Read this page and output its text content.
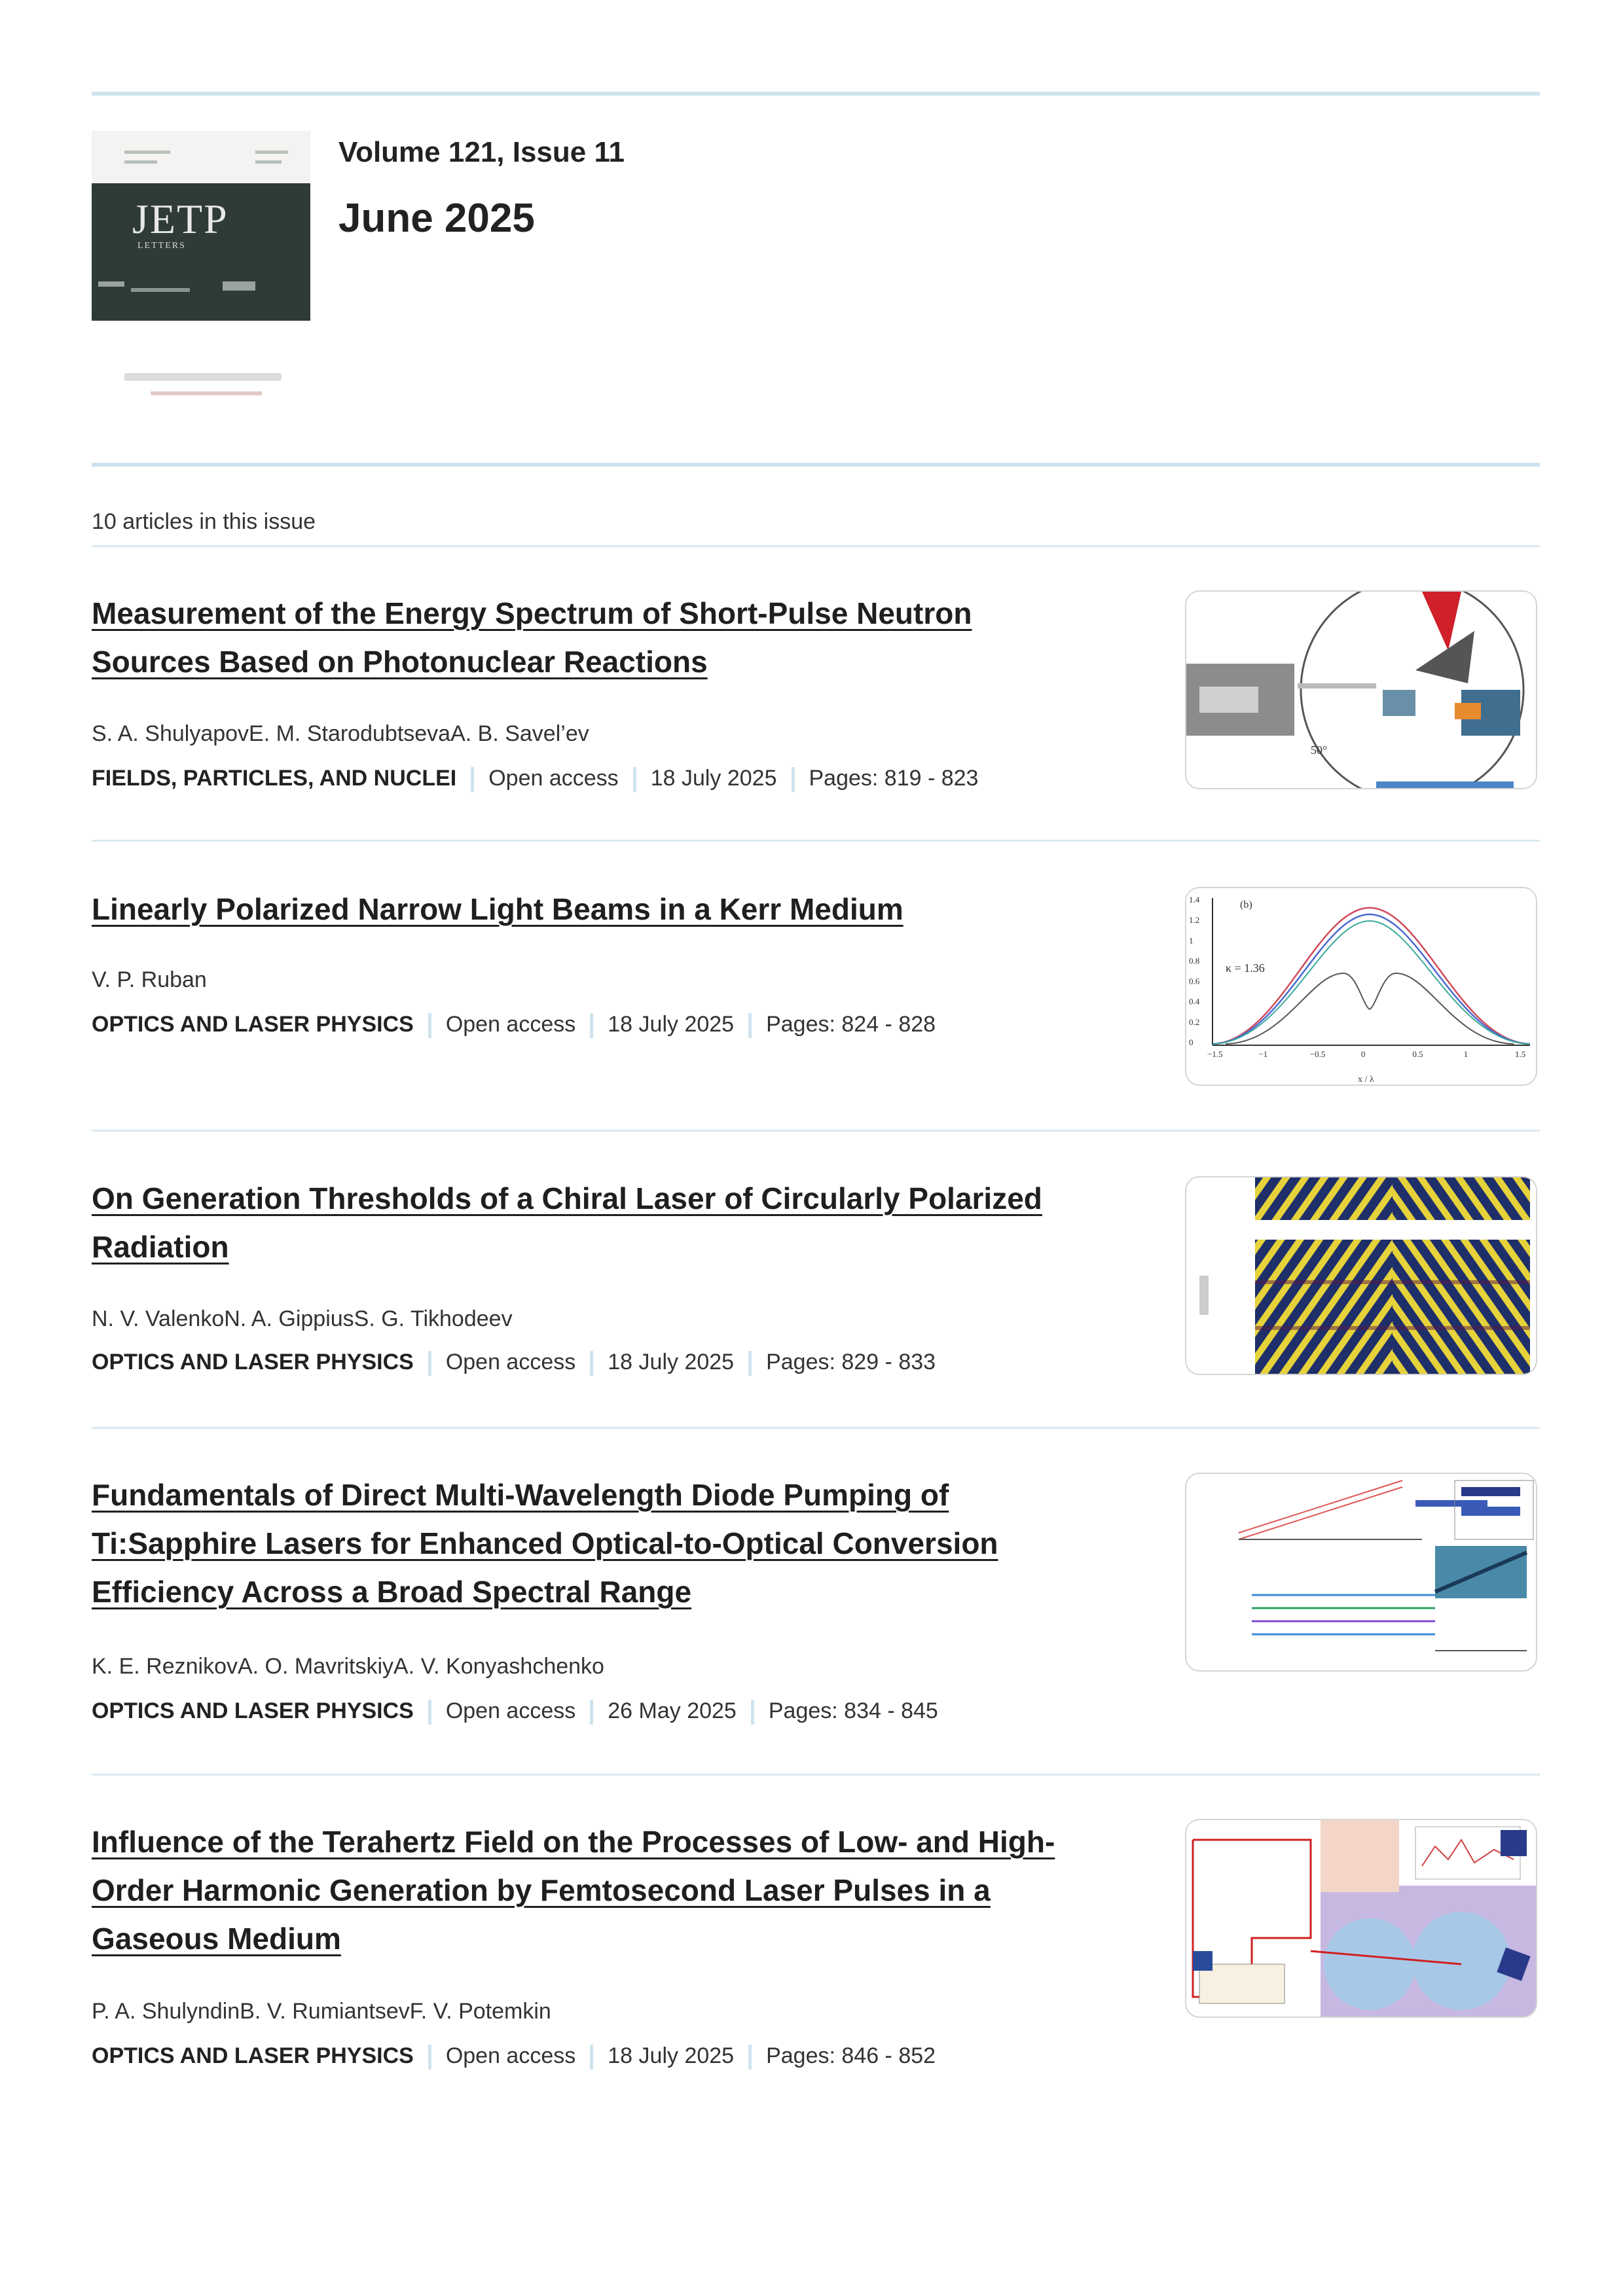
JETP
LETTERS
Volume 121, Issue 11
June 2025
10 articles in this issue
Measurement of the Energy Spectrum of Short-Pulse Neutron
Sources Based on Photonuclear Reactions
S. A. ShulyapovE. M. StarodubtsevaA. B. Savel’ev
FIELDS, PARTICLES, AND NUCLEI Open access 18 July 2025 Pages: 819 - 823
50°
Linearly Polarized Narrow Light Beams in a Kerr Medium
V. P. Ruban
OPTICS AND LASER PHYSICS Open access 18 July 2025 Pages: 824 - 828
(b)
κ = 1.36
1.4
1.2
1
0.8
0.6
0.4
0.2
0
−1.5	−1	−0.5	0	0.5	1	1.5
x / λ
On Generation Thresholds of a Chiral Laser of Circularly Polarized
Radiation
N. V. ValenkoN. A. GippiusS. G. Tikhodeev
OPTICS AND LASER PHYSICS Open access 18 July 2025 Pages: 829 - 833
Fundamentals of Direct Multi-Wavelength Diode Pumping of
Ti:Sapphire Lasers for Enhanced Optical-to-Optical Conversion
Efficiency Across a Broad Spectral Range
K. E. ReznikovA. O. MavritskiyA. V. Konyashchenko
OPTICS AND LASER PHYSICS Open access 26 May 2025 Pages: 834 - 845
Influence of the Terahertz Field on the Processes of Low- and High-
Order Harmonic Generation by Femtosecond Laser Pulses in a
Gaseous Medium
P. A. ShulyndinB. V. RumiantsevF. V. Potemkin
OPTICS AND LASER PHYSICS Open access 18 July 2025 Pages: 846 - 852
